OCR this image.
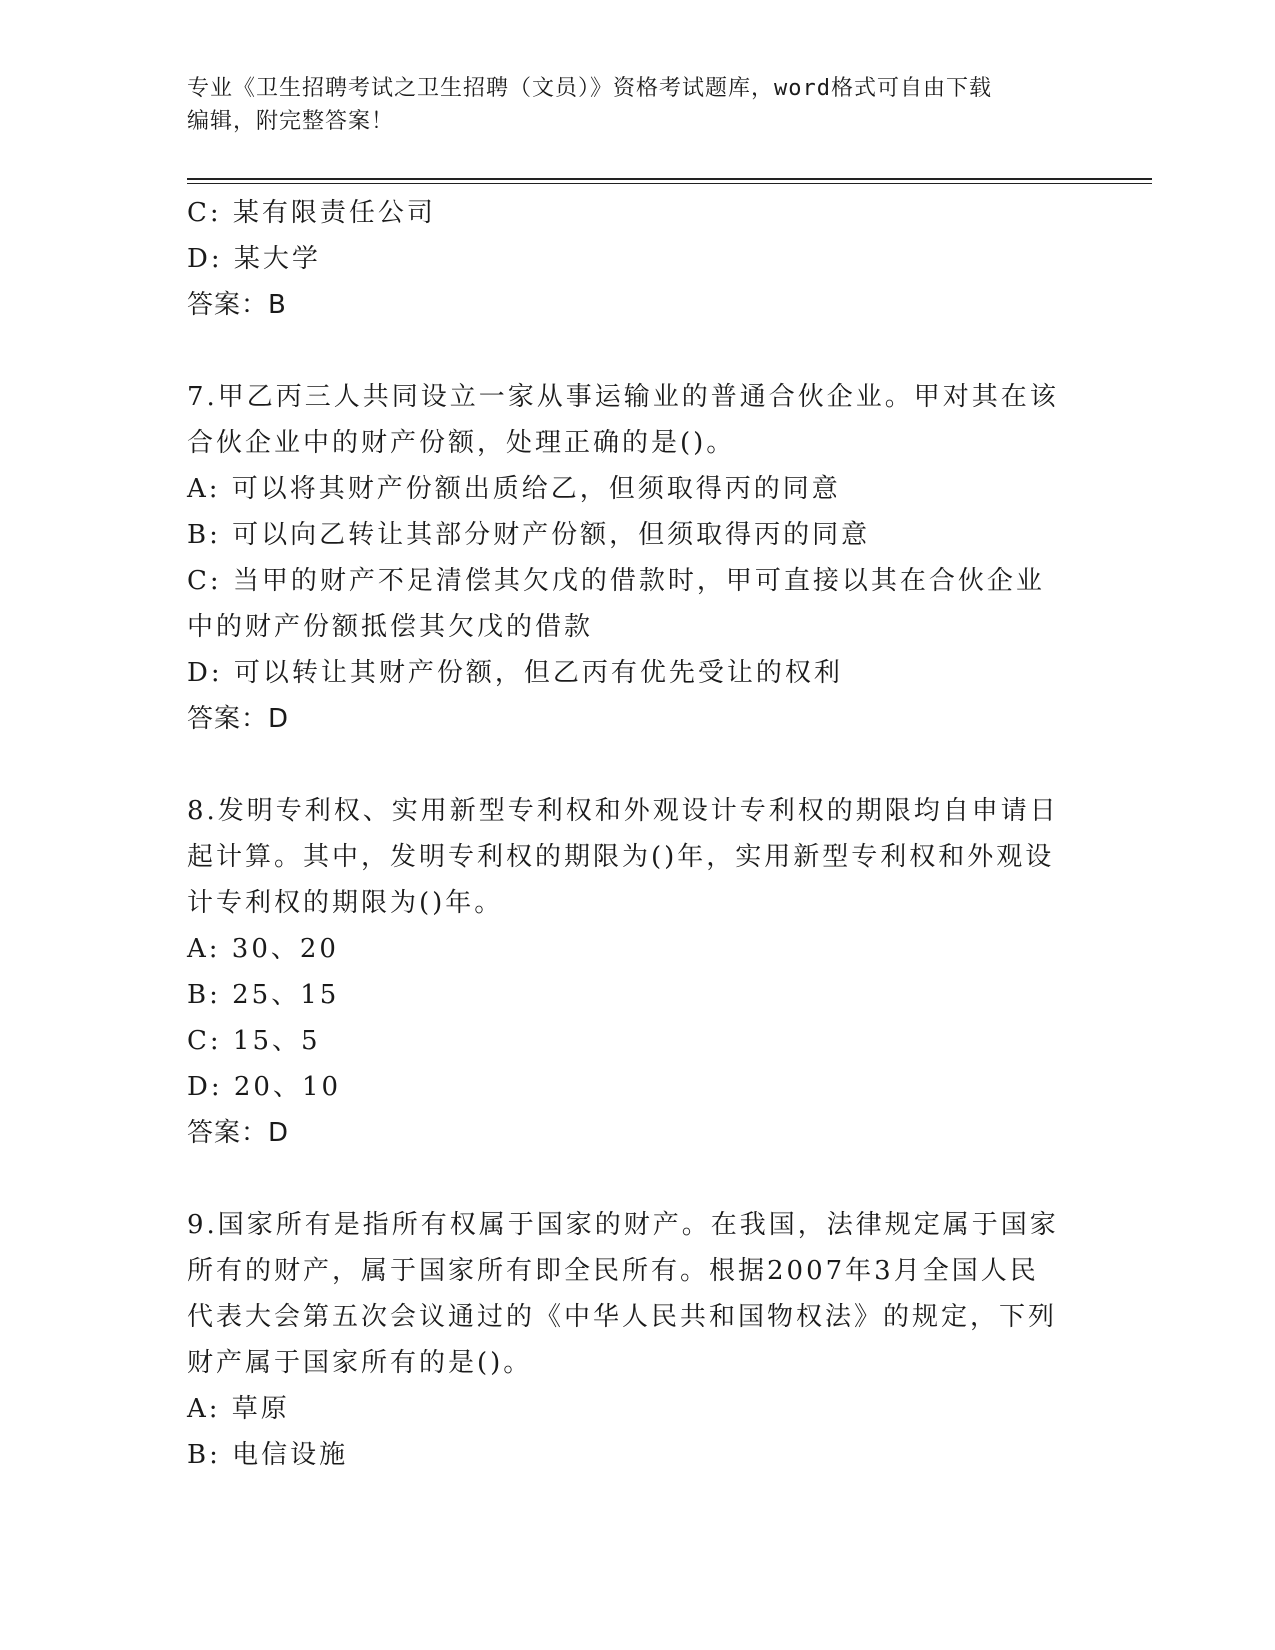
专业《卫生招聘考试之卫生招聘（文员）》资格考试题库，word格式可自由下载
编辑，附完整答案！

C: 某有限责任公司

D: 某大学

答案：B

7.甲乙丙三人共同设立一家从事运输业的普通合伙企业。甲对其在该合伙企业中的财产份额，处理正确的是()。

A: 可以将其财产份额出质给乙，但须取得丙的同意

B: 可以向乙转让其部分财产份额，但须取得丙的同意

C: 当甲的财产不足清偿其欠戊的借款时，甲可直接以其在合伙企业中的财产份额抵偿其欠戊的借款

D: 可以转让其财产份额，但乙丙有优先受让的权利

答案：D

8.发明专利权、实用新型专利权和外观设计专利权的期限均自申请日起计算。其中，发明专利权的期限为()年，实用新型专利权和外观设计专利权的期限为()年。

A: 30、20

B: 25、15

C: 15、5

D: 20、10

答案：D

9.国家所有是指所有权属于国家的财产。在我国，法律规定属于国家所有的财产，属于国家所有即全民所有。根据2007年3月全国人民代表大会第五次会议通过的《中华人民共和国物权法》的规定，下列财产属于国家所有的是()。

A: 草原

B: 电信设施
